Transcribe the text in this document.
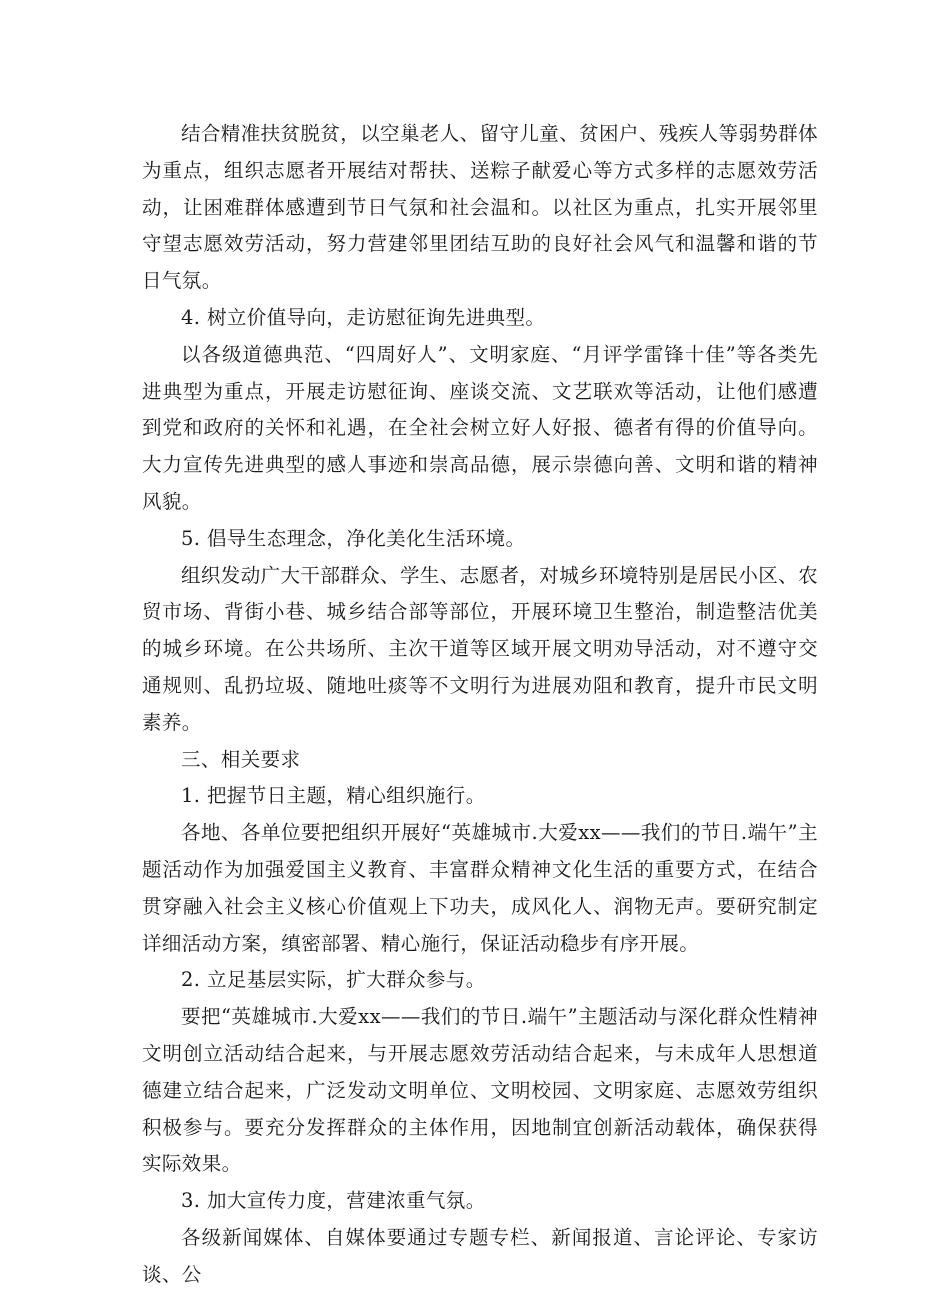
结合精准扶贫脱贫，以空巢老人、留守儿童、贫困户、残疾人等弱势群体为重点，组织志愿者开展结对帮扶、送粽子献爱心等方式多样的志愿效劳活动，让困难群体感遭到节日气氛和社会温和。以社区为重点，扎实开展邻里守望志愿效劳活动，努力营建邻里团结互助的良好社会风气和温馨和谐的节日气氛。

4. 树立价值导向，走访慰征询先进典型。

以各级道德典范、“四周好人”、文明家庭、“月评学雷锋十佳”等各类先进典型为重点，开展走访慰征询、座谈交流、文艺联欢等活动，让他们感遭到党和政府的关怀和礼遇，在全社会树立好人好报、德者有得的价值导向。大力宣传先进典型的感人事迹和崇高品德，展示崇德向善、文明和谐的精神风貌。

5. 倡导生态理念，净化美化生活环境。

组织发动广大干部群众、学生、志愿者，对城乡环境特别是居民小区、农贸市场、背街小巷、城乡结合部等部位，开展环境卫生整治，制造整洁优美的城乡环境。在公共场所、主次干道等区域开展文明劝导活动，对不遵守交通规则、乱扔垃圾、随地吐痰等不文明行为进展劝阻和教育，提升市民文明素养。

三、相关要求

1. 把握节日主题，精心组织施行。

各地、各单位要把组织开展好“英雄城市.大爱xx——我们的节日.端午”主题活动作为加强爱国主义教育、丰富群众精神文化生活的重要方式，在结合贯穿融入社会主义核心价值观上下功夫，成风化人、润物无声。要研究制定详细活动方案，缜密部署、精心施行，保证活动稳步有序开展。

2. 立足基层实际，扩大群众参与。

要把“英雄城市.大爱xx——我们的节日.端午”主题活动与深化群众性精神文明创立活动结合起来，与开展志愿效劳活动结合起来，与未成年人思想道德建立结合起来，广泛发动文明单位、文明校园、文明家庭、志愿效劳组织积极参与。要充分发挥群众的主体作用，因地制宜创新活动载体，确保获得实际效果。

3. 加大宣传力度，营建浓重气氛。

各级新闻媒体、自媒体要通过专题专栏、新闻报道、言论评论、专家访谈、公
